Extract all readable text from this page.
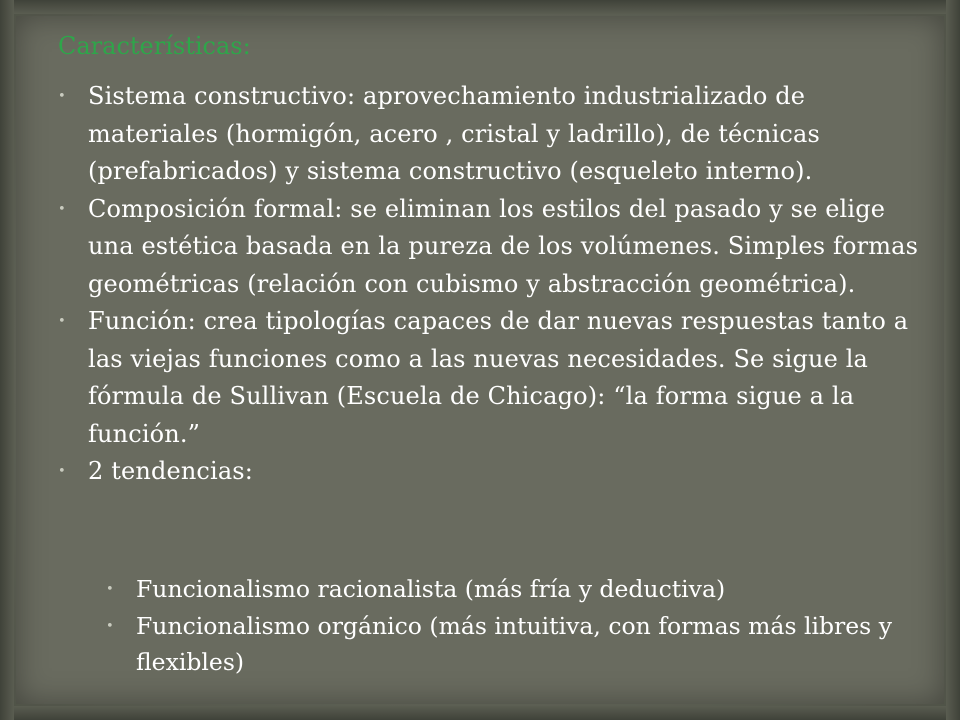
Características:
• Sistema constructivo: aprovechamiento industrializado de materiales (hormigón, acero , cristal y ladrillo), de técnicas (prefabricados) y sistema constructivo (esqueleto interno).
• Composición formal: se eliminan los estilos del pasado y se elige una estética basada en la pureza de los volúmenes. Simples formas geométricas (relación con cubismo y abstracción geométrica).
• Función: crea tipologías capaces de dar nuevas respuestas tanto a las viejas funciones como a las nuevas necesidades. Se sigue la fórmula de Sullivan (Escuela de Chicago): “la forma sigue a la función.”
• 2 tendencias:
• Funcionalismo racionalista (más fría y deductiva)
• Funcionalismo orgánico (más intuitiva, con formas más libres y flexibles)
